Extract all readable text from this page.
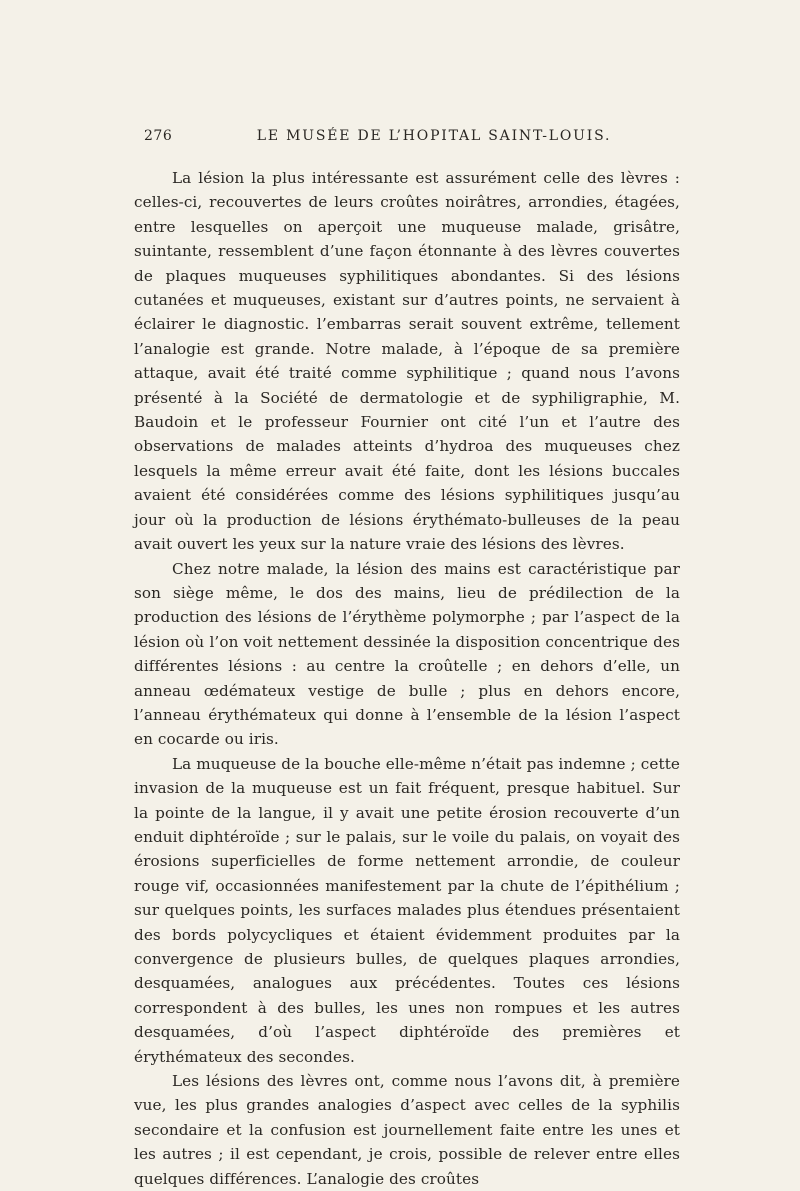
276	LE MUSÉE DE L’HOPITAL SAINT-LOUIS.

La lésion la plus intéressante est assurément celle des lèvres : celles-ci, recouvertes de leurs croûtes noirâtres, arrondies, étagées, entre lesquelles on aperçoit une muqueuse malade, grisâtre, suintante, ressemblent d’une façon étonnante à des lèvres couvertes de plaques muqueuses syphilitiques abondantes. Si des lésions cutanées et muqueuses, existant sur d’autres points, ne servaient à éclairer le diagnostic. l’embarras serait souvent extrême, tellement l’analogie est grande. Notre malade, à l’époque de sa première attaque, avait été traité comme syphilitique ; quand nous l’avons présenté à la Société de dermatologie et de syphiligraphie, M. Baudoin et le professeur Fournier ont cité l’un et l’autre des observations de malades atteints d’hydroa des muqueuses chez lesquels la même erreur avait été faite, dont les lésions buccales avaient été considérées comme des lésions syphilitiques jusqu’au jour où la production de lésions érythémato-bulleuses de la peau avait ouvert les yeux sur la nature vraie des lésions des lèvres.

Chez notre malade, la lésion des mains est caractéristique par son siège même, le dos des mains, lieu de prédilection de la production des lésions de l’érythème polymorphe ; par l’aspect de la lésion où l’on voit nettement dessinée la disposition concentrique des différentes lésions : au centre la croûtelle ; en dehors d’elle, un anneau œdémateux vestige de bulle ; plus en dehors encore, l’anneau érythémateux qui donne à l’ensemble de la lésion l’aspect en cocarde ou iris.

La muqueuse de la bouche elle-même n’était pas indemne ; cette invasion de la muqueuse est un fait fréquent, presque habituel. Sur la pointe de la langue, il y avait une petite érosion recouverte d’un enduit diphtéroïde ; sur le palais, sur le voile du palais, on voyait des érosions superficielles de forme nettement arrondie, de couleur rouge vif, occasionnées manifestement par la chute de l’épithélium ; sur quelques points, les surfaces malades plus étendues présentaient des bords polycycliques et étaient évidemment produites par la convergence de plusieurs bulles, de quelques plaques arrondies, desquamées, analogues aux précédentes. Toutes ces lésions correspondent à des bulles, les unes non rompues et les autres desquamées, d’où l’aspect diphtéroïde des premières et érythémateux des secondes.

Les lésions des lèvres ont, comme nous l’avons dit, à première vue, les plus grandes analogies d’aspect avec celles de la syphilis secondaire et la confusion est journellement faite entre les unes et les autres ; il est cependant, je crois, possible de relever entre elles quelques différences. L’analogie des croûtes
